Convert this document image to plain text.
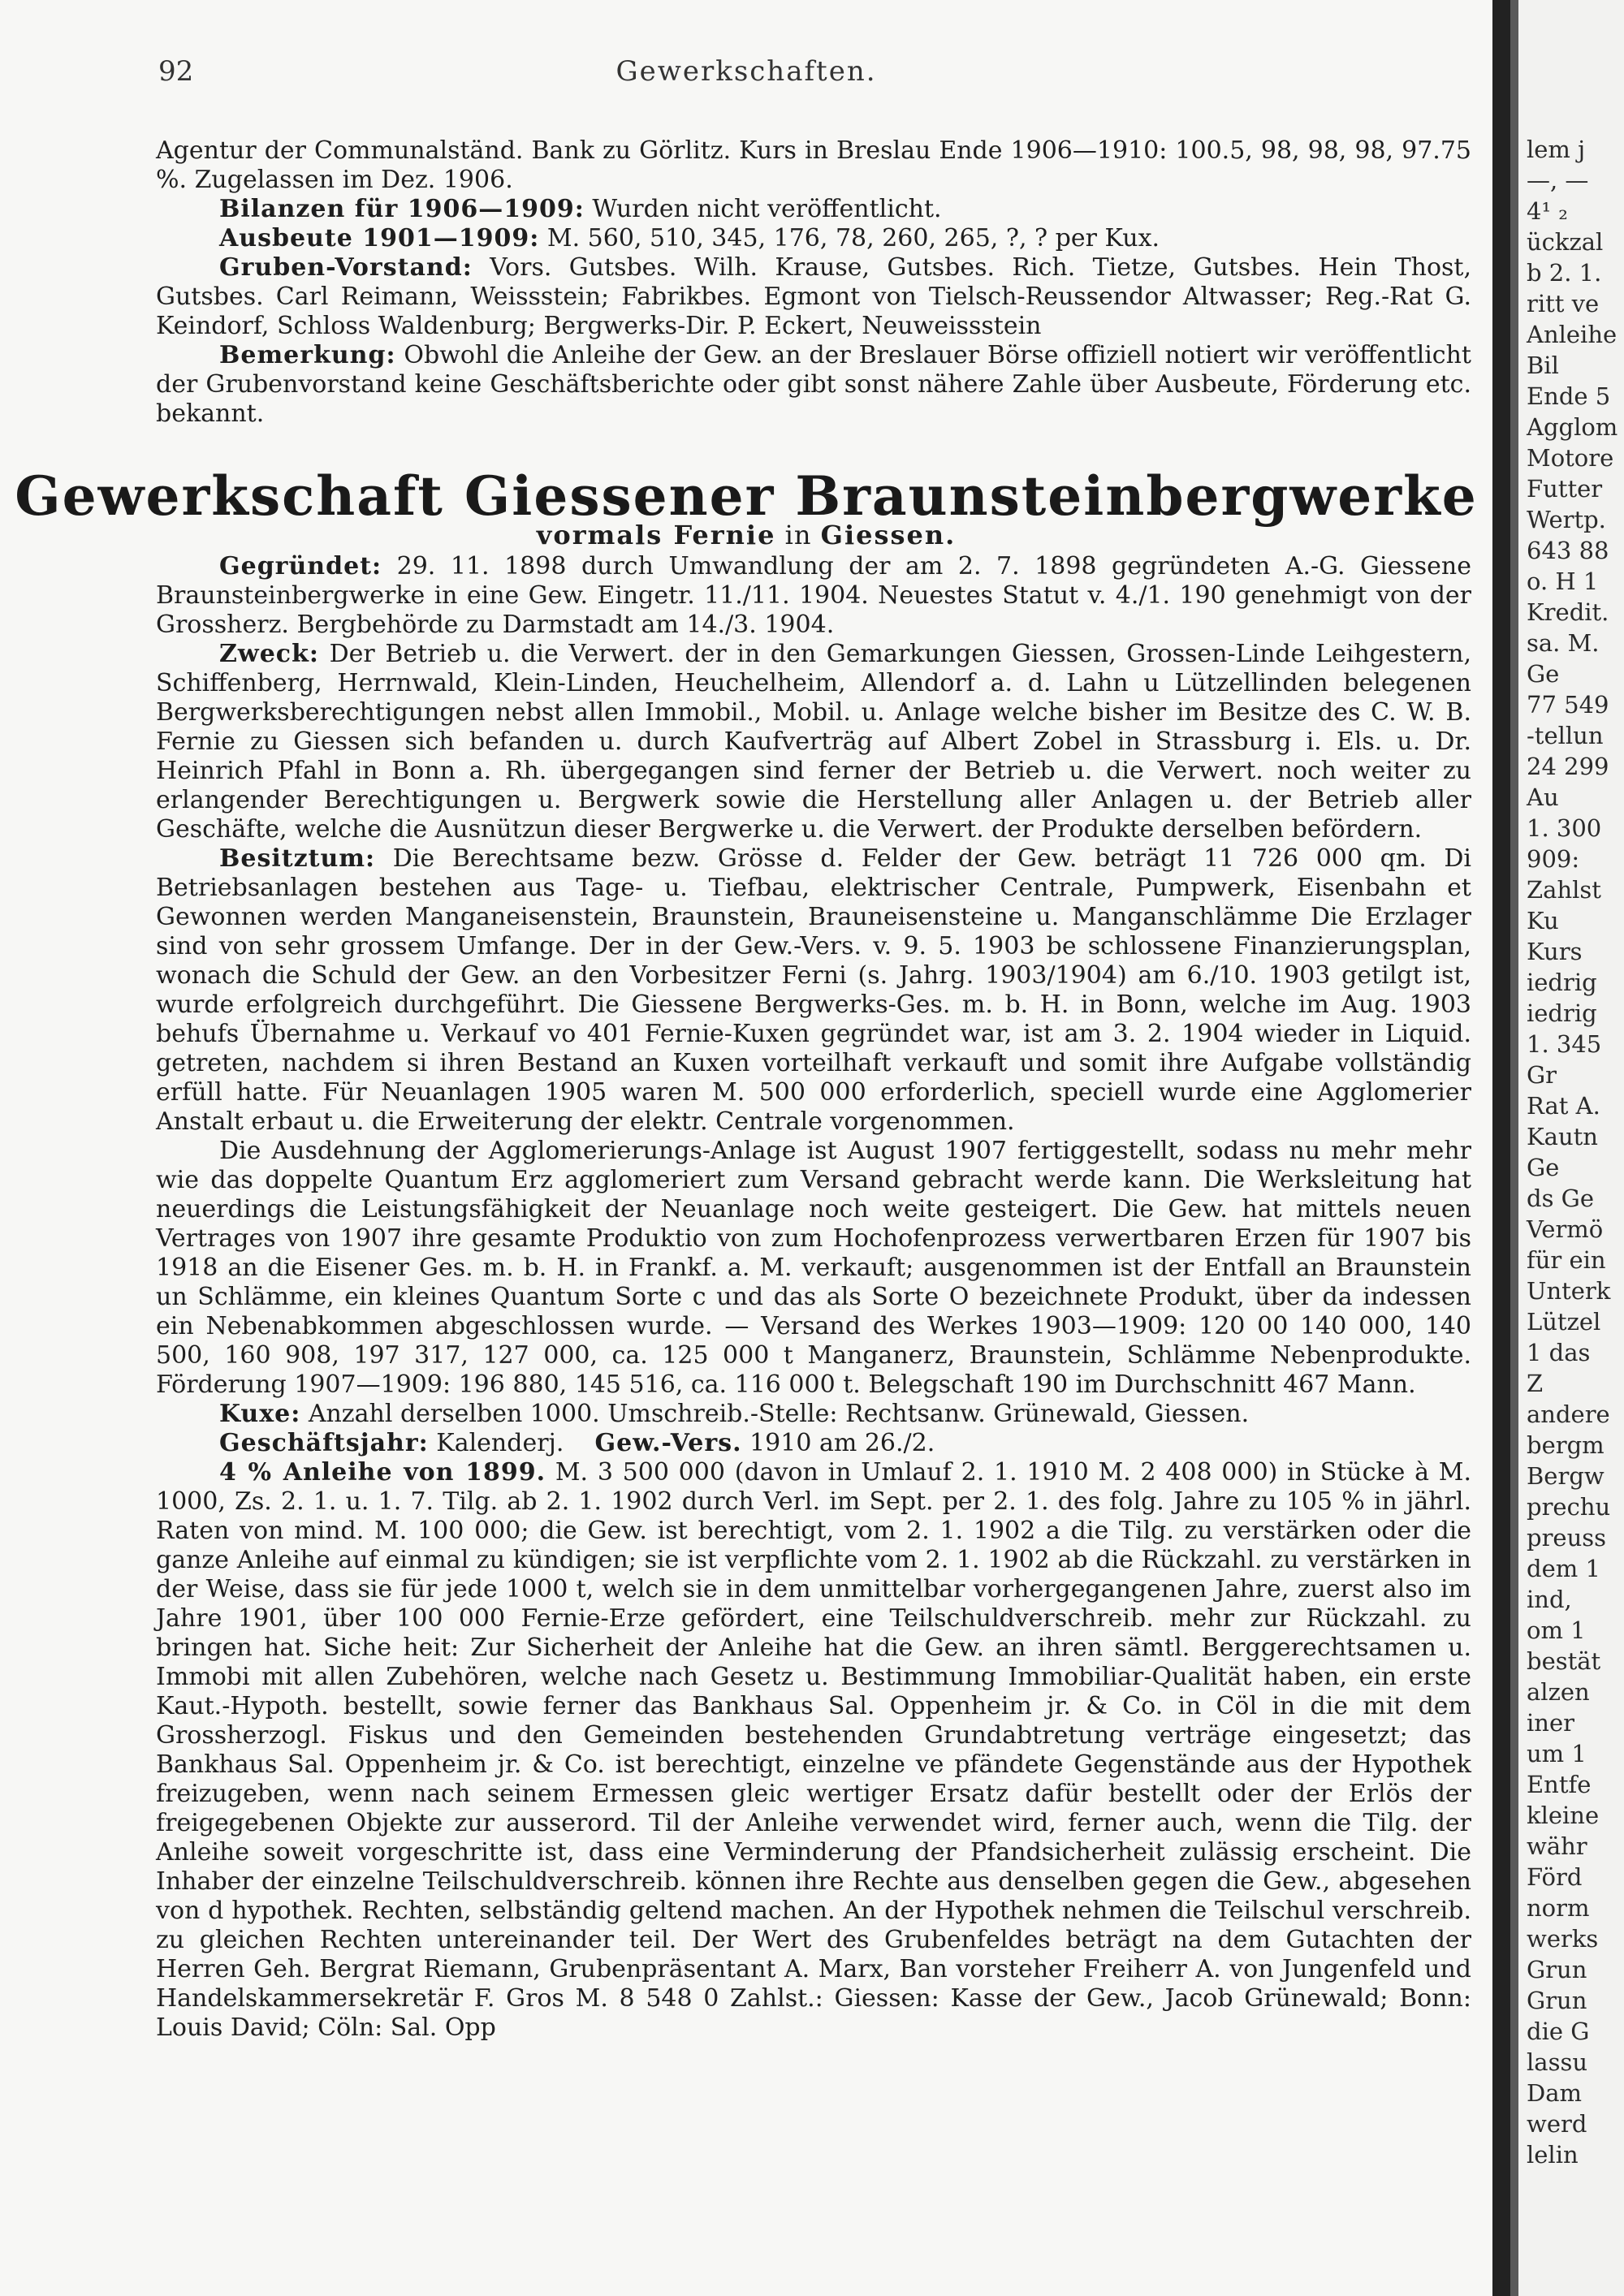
92	Gewerkschaften.

Agentur der Communalständ. Bank zu Görlitz. Kurs in Breslau Ende 1906—1910: 100.5, 98, 98, 98, 97.75 %. Zugelassen im Dez. 1906.

Bilanzen für 1906—1909: Wurden nicht veröffentlicht.

Ausbeute 1901—1909: M. 560, 510, 345, 176, 78, 260, 265, ?, ? per Kux.

Gruben-Vorstand: Vors. Gutsbes. Wilh. Krause, Gutsbes. Rich. Tietze, Gutsbes. Hein Thost, Gutsbes. Carl Reimann, Weissstein; Fabrikbes. Egmont von Tielsch-Reussendor Altwasser; Reg.-Rat G. Keindorf, Schloss Waldenburg; Bergwerks-Dir. P. Eckert, Neuweissstein

Bemerkung: Obwohl die Anleihe der Gew. an der Breslauer Börse offiziell notiert wir veröffentlicht der Grubenvorstand keine Geschäftsberichte oder gibt sonst nähere Zahle über Ausbeute, Förderung etc. bekannt.

Gewerkschaft Giessener Braunsteinbergwerke
vormals Fernie in Giessen.

Gegründet: 29. 11. 1898 durch Umwandlung der am 2. 7. 1898 gegründeten A.-G. Giessene Braunsteinbergwerke in eine Gew. Eingetr. 11./11. 1904. Neuestes Statut v. 4./1. 190 genehmigt von der Grossherz. Bergbehörde zu Darmstadt am 14./3. 1904.

Zweck: Der Betrieb u. die Verwert. der in den Gemarkungen Giessen, Grossen-Linde Leihgestern, Schiffenberg, Herrnwald, Klein-Linden, Heuchelheim, Allendorf a. d. Lahn u Lützellinden belegenen Bergwerksberechtigungen nebst allen Immobil., Mobil. u. Anlage welche bisher im Besitze des C. W. B. Fernie zu Giessen sich befanden u. durch Kaufverträg auf Albert Zobel in Strassburg i. Els. u. Dr. Heinrich Pfahl in Bonn a. Rh. übergegangen sind ferner der Betrieb u. die Verwert. noch weiter zu erlangender Berechtigungen u. Bergwerk sowie die Herstellung aller Anlagen u. der Betrieb aller Geschäfte, welche die Ausnützun dieser Bergwerke u. die Verwert. der Produkte derselben befördern.

Besitztum: Die Berechtsame bezw. Grösse d. Felder der Gew. beträgt 11 726 000 qm. Di Betriebsanlagen bestehen aus Tage- u. Tiefbau, elektrischer Centrale, Pumpwerk, Eisenbahn et Gewonnen werden Manganeisenstein, Braunstein, Brauneisensteine u. Manganschlämme Die Erzlager sind von sehr grossem Umfange. Der in der Gew.-Vers. v. 9. 5. 1903 be schlossene Finanzierungsplan, wonach die Schuld der Gew. an den Vorbesitzer Ferni (s. Jahrg. 1903/1904) am 6./10. 1903 getilgt ist, wurde erfolgreich durchgeführt. Die Giessene Bergwerks-Ges. m. b. H. in Bonn, welche im Aug. 1903 behufs Übernahme u. Verkauf vo 401 Fernie-Kuxen gegründet war, ist am 3. 2. 1904 wieder in Liquid. getreten, nachdem si ihren Bestand an Kuxen vorteilhaft verkauft und somit ihre Aufgabe vollständig erfüll hatte. Für Neuanlagen 1905 waren M. 500 000 erforderlich, speciell wurde eine Agglomerier Anstalt erbaut u. die Erweiterung der elektr. Centrale vorgenommen.

Die Ausdehnung der Agglomerierungs-Anlage ist August 1907 fertiggestellt, sodass nu mehr mehr wie das doppelte Quantum Erz agglomeriert zum Versand gebracht werde kann. Die Werksleitung hat neuerdings die Leistungsfähigkeit der Neuanlage noch weite gesteigert. Die Gew. hat mittels neuen Vertrages von 1907 ihre gesamte Produktio von zum Hochofenprozess verwertbaren Erzen für 1907 bis 1918 an die Eisener Ges. m. b. H. in Frankf. a. M. verkauft; ausgenommen ist der Entfall an Braunstein un Schlämme, ein kleines Quantum Sorte c und das als Sorte O bezeichnete Produkt, über da indessen ein Nebenabkommen abgeschlossen wurde. — Versand des Werkes 1903—1909: 120 00 140 000, 140 500, 160 908, 197 317, 127 000, ca. 125 000 t Manganerz, Braunstein, Schlämme Nebenprodukte. Förderung 1907—1909: 196 880, 145 516, ca. 116 000 t. Belegschaft 190 im Durchschnitt 467 Mann.

Kuxe: Anzahl derselben 1000. Umschreib.-Stelle: Rechtsanw. Grünewald, Giessen.

Geschäftsjahr: Kalenderj. Gew.-Vers. 1910 am 26./2.

4 % Anleihe von 1899. M. 3 500 000 (davon in Umlauf 2. 1. 1910 M. 2 408 000) in Stücke à M. 1000, Zs. 2. 1. u. 1. 7. Tilg. ab 2. 1. 1902 durch Verl. im Sept. per 2. 1. des folg. Jahre zu 105 % in jährl. Raten von mind. M. 100 000; die Gew. ist berechtigt, vom 2. 1. 1902 a die Tilg. zu verstärken oder die ganze Anleihe auf einmal zu kündigen; sie ist verpflichte vom 2. 1. 1902 ab die Rückzahl. zu verstärken in der Weise, dass sie für jede 1000 t, welch sie in dem unmittelbar vorhergegangenen Jahre, zuerst also im Jahre 1901, über 100 000 Fernie-Erze gefördert, eine Teilschuldverschreib. mehr zur Rückzahl. zu bringen hat. Siche heit: Zur Sicherheit der Anleihe hat die Gew. an ihren sämtl. Berggerechtsamen u. Immobi mit allen Zubehören, welche nach Gesetz u. Bestimmung Immobiliar-Qualität haben, ein erste Kaut.-Hypoth. bestellt, sowie ferner das Bankhaus Sal. Oppenheim jr. & Co. in Cöl in die mit dem Grossherzogl. Fiskus und den Gemeinden bestehenden Grundabtretung verträge eingesetzt; das Bankhaus Sal. Oppenheim jr. & Co. ist berechtigt, einzelne ve pfändete Gegenstände aus der Hypothek freizugeben, wenn nach seinem Ermessen gleic wertiger Ersatz dafür bestellt oder der Erlös der freigegebenen Objekte zur ausserord. Til der Anleihe verwendet wird, ferner auch, wenn die Tilg. der Anleihe soweit vorgeschritte ist, dass eine Verminderung der Pfandsicherheit zulässig erscheint. Die Inhaber der einzelne Teilschuldverschreib. können ihre Rechte aus denselben gegen die Gew., abgesehen von d hypothek. Rechten, selbständig geltend machen. An der Hypothek nehmen die Teilschul verschreib. zu gleichen Rechten untereinander teil. Der Wert des Grubenfeldes beträgt na dem Gutachten der Herren Geh. Bergrat Riemann, Grubenpräsentant A. Marx, Ban vorsteher Freiherr A. von Jungenfeld und Handelskammersekretär F. Gros M. 8 548 0 Zahlst.: Giessen: Kasse der Gew., Jacob Grünewald; Bonn: Louis David; Cöln: Sal. Opp

lem j
—, —
4¹ ₂
ückzal
b 2. 1.
ritt ve
Anleihe
Bil
Ende 5
Agglom
Motore
Futter
Wertp.
643 88
o. H 1
Kredit.
sa. M.
Ge
77 549
-tellun
24 299
Au
1. 300
909:
Zahlst
Ku
Kurs
iedrig
iedrig
1. 345
Gr
Rat A.
Kautn
Ge
ds Ge
Vermö
für ein
Unterk
Lützel
1 das
Z
andere
bergm
Bergw
prechu
preuss
dem 1
ind,
om 1
bestät
alzen
iner
um 1
Entfe
kleine
währ
Förd
norm
werks
Grun
Grun
die G
lassu
Dam
werd
lelin
